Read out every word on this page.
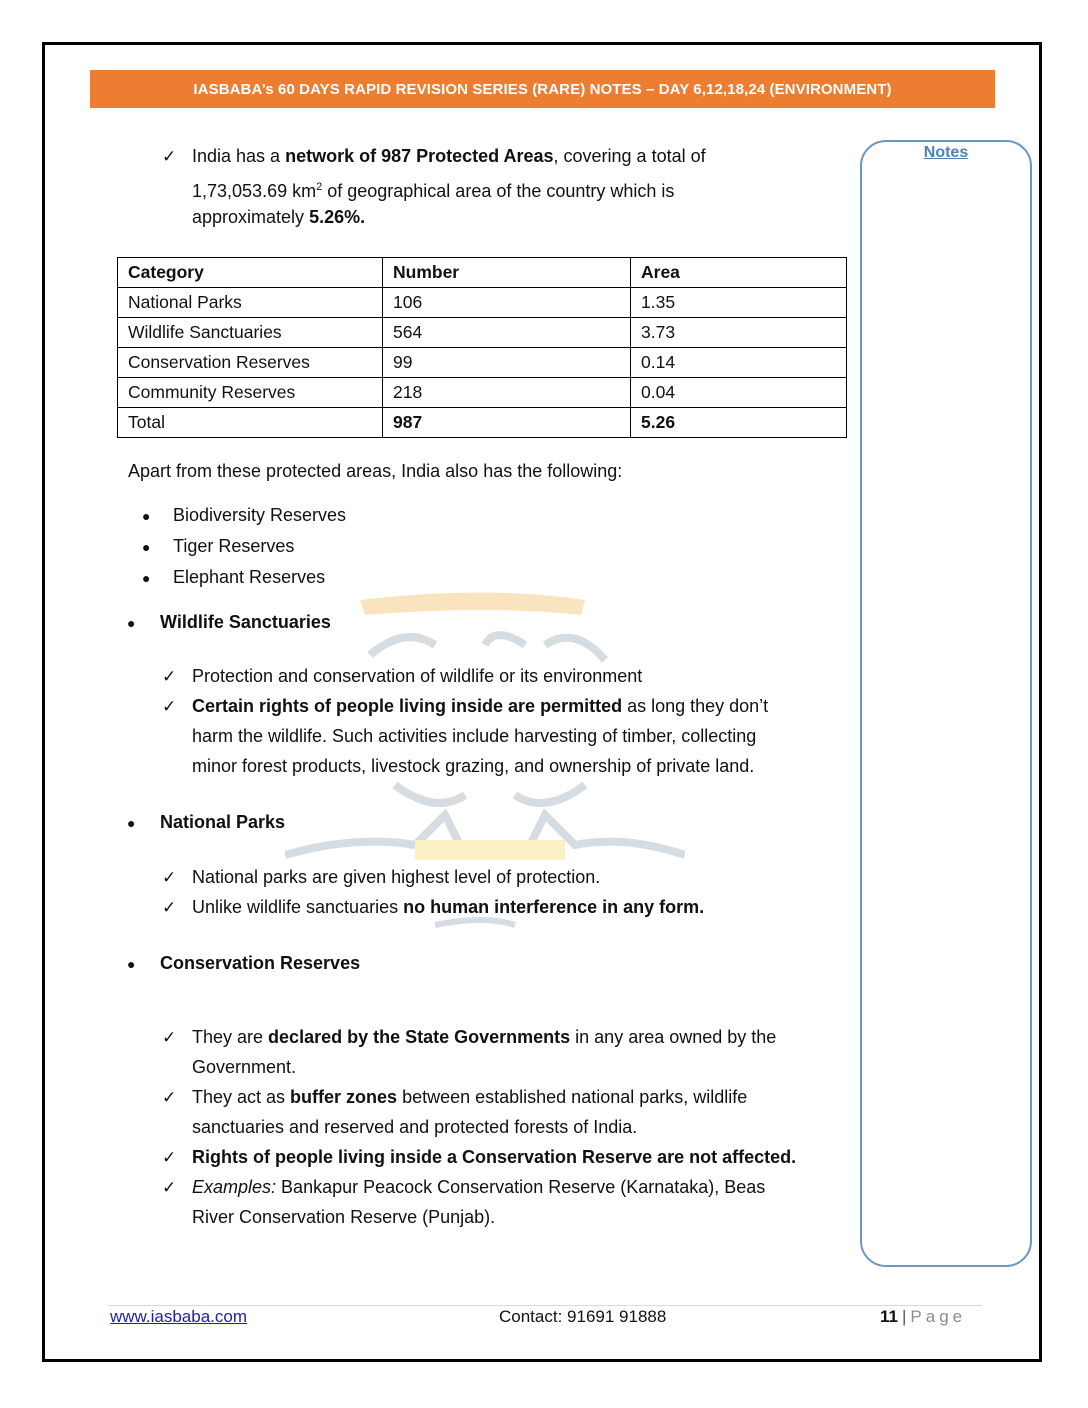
IASBABA’s 60 DAYS RAPID REVISION SERIES (RARE) NOTES – DAY 6,12,18,24 (ENVIRONMENT)
Notes
✓ India has a network of 987 Protected Areas, covering a total of
1,73,053.69 $km^2$ of geographical area of the country which is
approximately 5.26%.
Category	Number	Area
National Parks	106	1.35
Wildlife Sanctuaries	564	3.73
Conservation Reserves	99	0.14
Community Reserves	218	0.04
Total	987	5.26
Apart from these protected areas, India also has the following:
● Biodiversity Reserves
● Tiger Reserves
● Elephant Reserves
● Wildlife Sanctuaries
✓ Protection and conservation of wildlife or its environment
✓ Certain rights of people living inside are permitted as long they don’t
harm the wildlife. Such activities include harvesting of timber, collecting
minor forest products, livestock grazing, and ownership of private land.
● National Parks
✓ National parks are given highest level of protection.
✓ Unlike wildlife sanctuaries no human interference in any form.
● Conservation Reserves
✓ They are declared by the State Governments in any area owned by the
Government.
✓ They act as buffer zones between established national parks, wildlife
sanctuaries and reserved and protected forests of India.
✓ Rights of people living inside a Conservation Reserve are not affected.
✓ Examples: Bankapur Peacock Conservation Reserve (Karnataka), Beas
River Conservation Reserve (Punjab).
www.iasbaba.com	Contact: 91691 91888	11 | Page
